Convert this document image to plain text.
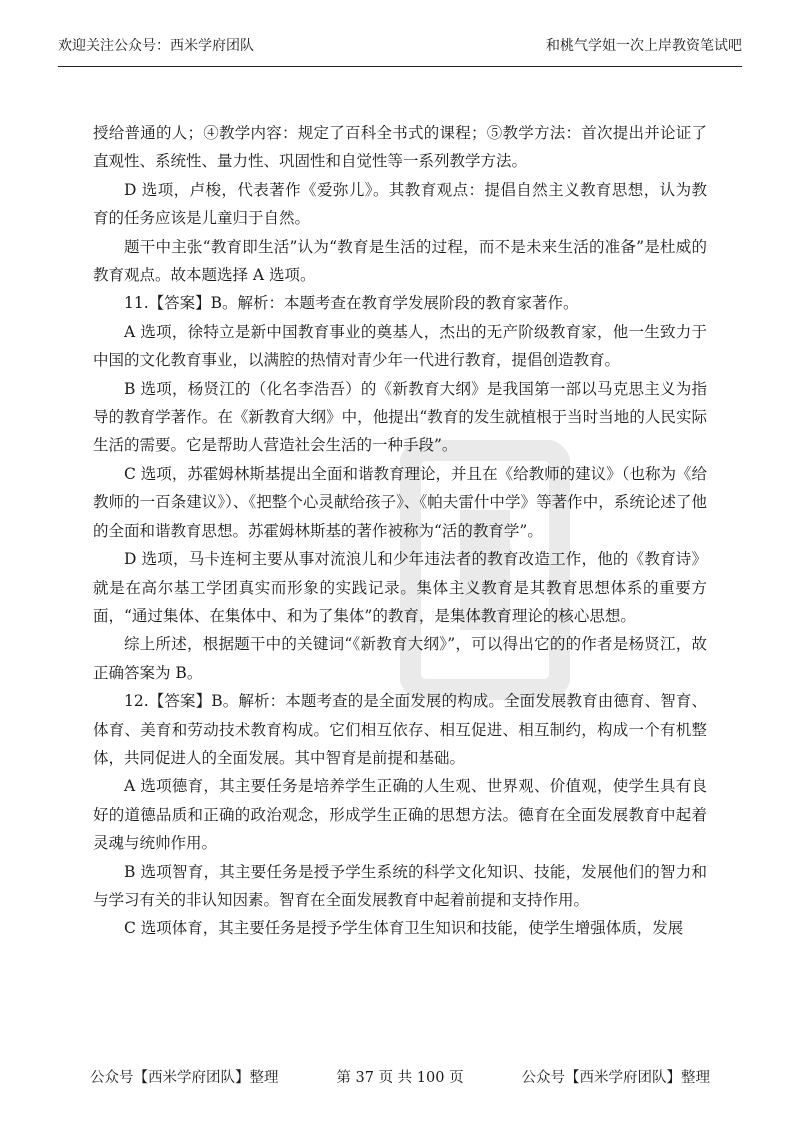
欢迎关注公众号：西米学府团队	和桃气学姐一次上岸教资笔试吧

授给普通的人；④教学内容：规定了百科全书式的课程；⑤教学方法：首次提出并论证了直观性、系统性、量力性、巩固性和自觉性等一系列教学方法。

D 选项，卢梭，代表著作《爱弥儿》。其教育观点：提倡自然主义教育思想，认为教育的任务应该是儿童归于自然。

题干中主张“教育即生活”认为“教育是生活的过程，而不是未来生活的准备”是杜威的教育观点。故本题选择 A 选项。

11.【答案】B。解析：本题考查在教育学发展阶段的教育家著作。

A 选项，徐特立是新中国教育事业的奠基人，杰出的无产阶级教育家，他一生致力于中国的文化教育事业，以满腔的热情对青少年一代进行教育，提倡创造教育。

B 选项，杨贤江的（化名李浩吾）的《新教育大纲》是我国第一部以马克思主义为指导的教育学著作。在《新教育大纲》中，他提出“教育的发生就植根于当时当地的人民实际生活的需要。它是帮助人营造社会生活的一种手段”。

C 选项，苏霍姆林斯基提出全面和谐教育理论，并且在《给教师的建议》（也称为《给教师的一百条建议》）、《把整个心灵献给孩子》、《帕夫雷什中学》等著作中，系统论述了他的全面和谐教育思想。苏霍姆林斯基的著作被称为“活的教育学”。

D 选项，马卡连柯主要从事对流浪儿和少年违法者的教育改造工作，他的《教育诗》就是在高尔基工学团真实而形象的实践记录。集体主义教育是其教育思想体系的重要方面，“通过集体、在集体中、和为了集体”的教育，是集体教育理论的核心思想。

综上所述，根据题干中的关键词“《新教育大纲》”，可以得出它的的作者是杨贤江，故正确答案为 B。

12.【答案】B。解析：本题考查的是全面发展的构成。全面发展教育由德育、智育、体育、美育和劳动技术教育构成。它们相互依存、相互促进、相互制约，构成一个有机整体，共同促进人的全面发展。其中智育是前提和基础。

A 选项德育，其主要任务是培养学生正确的人生观、世界观、价值观，使学生具有良好的道德品质和正确的政治观念，形成学生正确的思想方法。德育在全面发展教育中起着灵魂与统帅作用。

B 选项智育，其主要任务是授予学生系统的科学文化知识、技能，发展他们的智力和与学习有关的非认知因素。智育在全面发展教育中起着前提和支持作用。

C 选项体育，其主要任务是授予学生体育卫生知识和技能，使学生增强体质，发展

公众号【西米学府团队】整理	第 37 页 共 100 页	公众号【西米学府团队】整理
